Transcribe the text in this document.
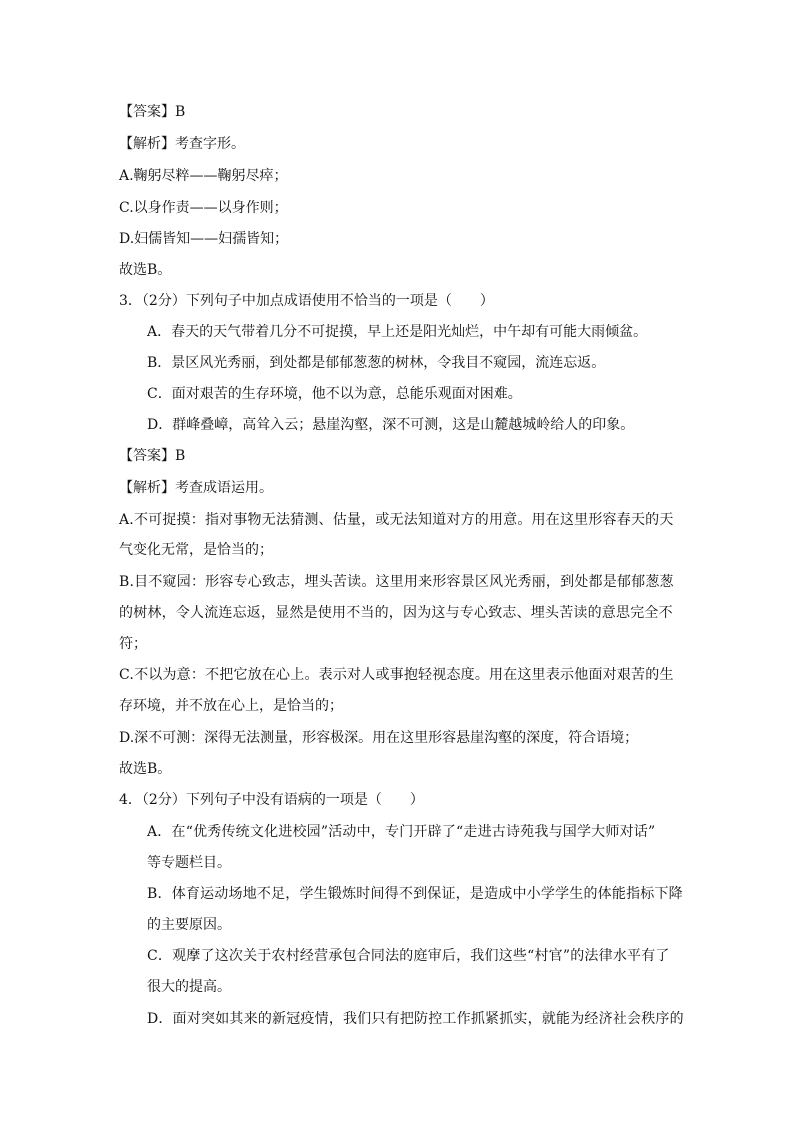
【答案】B
【解析】考查字形。
A.鞠躬尽粹——鞠躬尽瘁；
C.以身作责——以身作则；
D.妇儒皆知——妇孺皆知；
故选B。
3．（2分）下列句子中加点成语使用不恰当的一项是（　　）
A．春天的天气带着几分不可捉摸，早上还是阳光灿烂，中午却有可能大雨倾盆。
B．景区风光秀丽，到处都是郁郁葱葱的树林，令我目不窥园，流连忘返。
C．面对艰苦的生存环境，他不以为意，总能乐观面对困难。
D．群峰叠嶂，高耸入云；悬崖沟壑，深不可测，这是山麓越城岭给人的印象。
【答案】B
【解析】考查成语运用。
A.不可捉摸：指对事物无法猜测、估量，或无法知道对方的用意。用在这里形容春天的天
气变化无常，是恰当的；
B.目不窥园：形容专心致志，埋头苦读。这里用来形容景区风光秀丽，到处都是郁郁葱葱
的树林，令人流连忘返，显然是使用不当的，因为这与专心致志、埋头苦读的意思完全不
符；
C.不以为意：不把它放在心上。表示对人或事抱轻视态度。用在这里表示他面对艰苦的生
存环境，并不放在心上，是恰当的；
D.深不可测：深得无法测量，形容极深。用在这里形容悬崖沟壑的深度，符合语境；
故选B。
4．（2分）下列句子中没有语病的一项是（　　）
A．在“优秀传统文化进校园”活动中，专门开辟了“走进古诗苑我与国学大师对话”
等专题栏目。
B．体育运动场地不足，学生锻炼时间得不到保证，是造成中小学学生的体能指标下降
的主要原因。
C．观摩了这次关于农村经营承包合同法的庭审后，我们这些“村官”的法律水平有了
很大的提高。
D．面对突如其来的新冠疫情，我们只有把防控工作抓紧抓实，就能为经济社会秩序的
